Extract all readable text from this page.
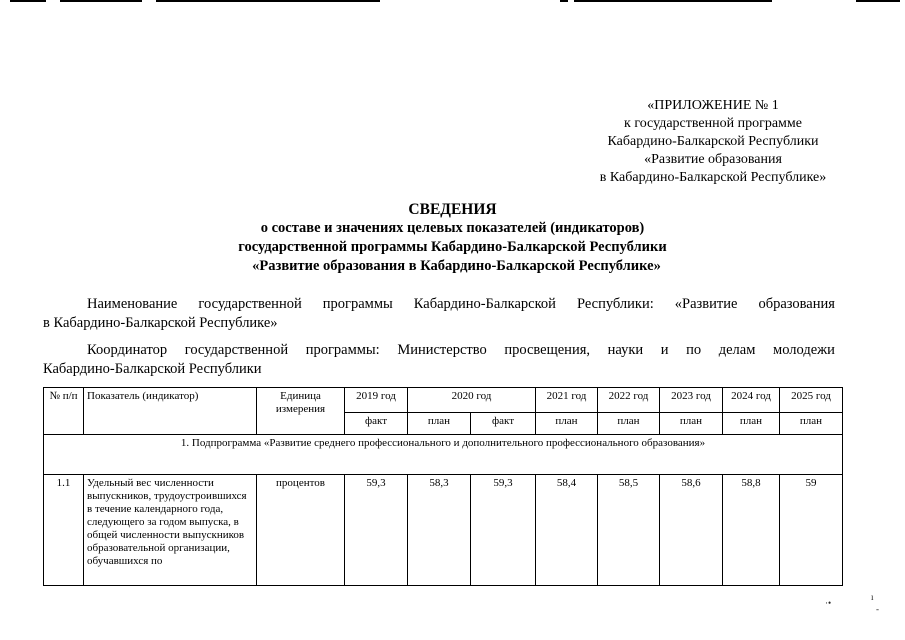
«ПРИЛОЖЕНИЕ № 1
к государственной программе
Кабардино-Балкарской Республики
«Развитие образования
в Кабардино-Балкарской Республике»
СВЕДЕНИЯ
о составе и значениях целевых показателей (индикаторов)
государственной программы Кабардино-Балкарской Республики
«Развитие образования в Кабардино-Балкарской Республике»
Наименование государственной программы Кабардино-Балкарской Республики: «Развитие образования
в Кабардино-Балкарской Республике»
Координатор государственной программы: Министерство просвещения, науки и по делам молодежи
Кабардино-Балкарской Республики
№ п/п	Показатель (индикатор)	Единица измерения	2019 год	2020 год		2021 год	2022 год	2023 год	2024 год	2025 год
			факт	план	факт	план	план	план	план	план
1. Подпрограмма «Развитие среднего профессионального и дополнительного профессионального образования»										
1.1	Удельный вес численности выпускников, трудоустроившихся в течение календарного года, следующего за годом выпуска, в общей численности выпускников образовательной организации, обучавшихся по	процентов	59,3	58,3	59,3	58,4	58,5	58,6	58,8	59
·•
ı
-
